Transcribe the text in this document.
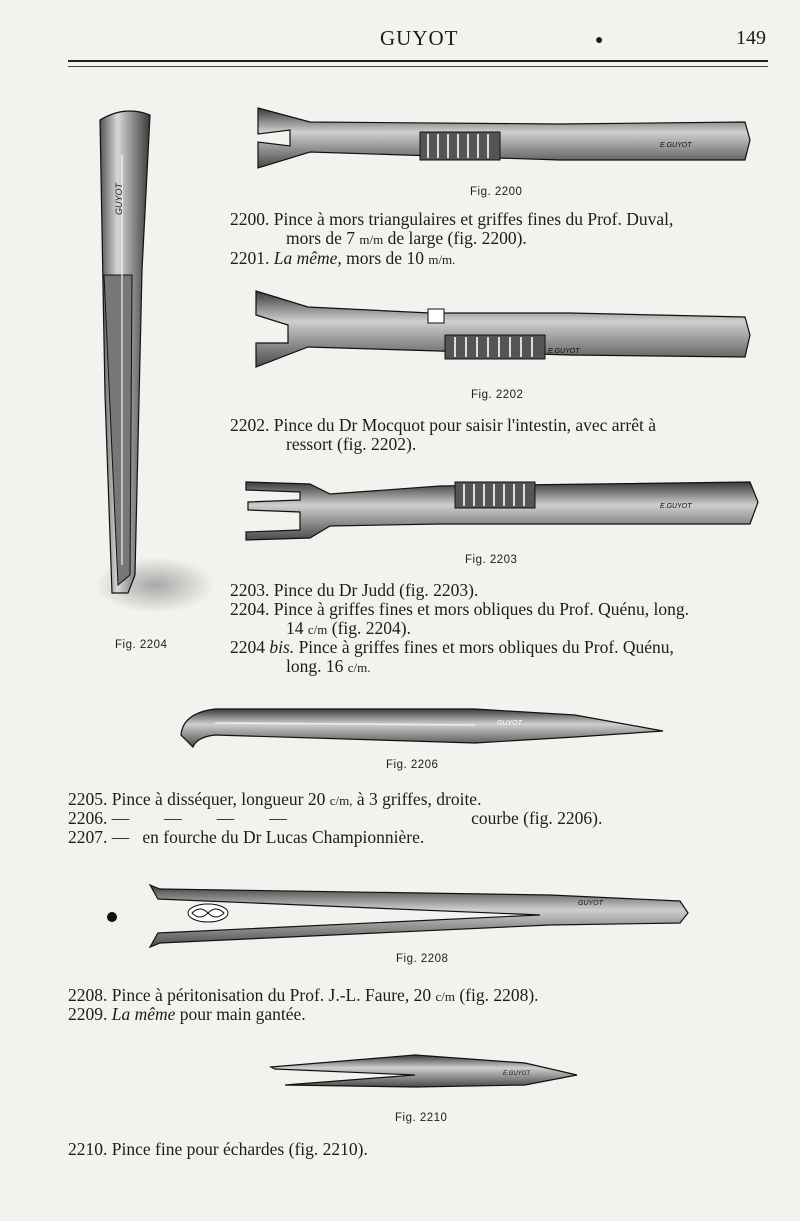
GUYOT	●	149
GUYOT
Fig. 2204
E.GUYOT
Fig. 2200
2200. Pince à mors triangulaires et griffes fines du Prof. Duval,
mors de 7 m/m de large (fig. 2200).
2201. La même, mors de 10 m/m.
E.GUYOT
Fig. 2202
2202. Pince du Dr Mocquot pour saisir l'intestin, avec arrêt à
ressort (fig. 2202).
E.GUYOT
Fig. 2203
2203. Pince du Dr Judd (fig. 2203).
2204. Pince à griffes fines et mors obliques du Prof. Quénu, long.
14 c/m (fig. 2204).
2204 bis. Pince à griffes fines et mors obliques du Prof. Quénu,
long. 16 c/m.
GUYOT
Fig. 2206
2205. Pince à disséquer, longueur 20 c/m, à 3 griffes, droite.
2206. —        —        —        —	courbe (fig. 2206).
2207. —   en fourche du Dr Lucas Championnière.
GUYOT
Fig. 2208
2208. Pince à péritonisation du Prof. J.-L. Faure, 20 c/m (fig. 2208).
2209. La même pour main gantée.
E.GUYOT
Fig. 2210
2210. Pince fine pour échardes (fig. 2210).
